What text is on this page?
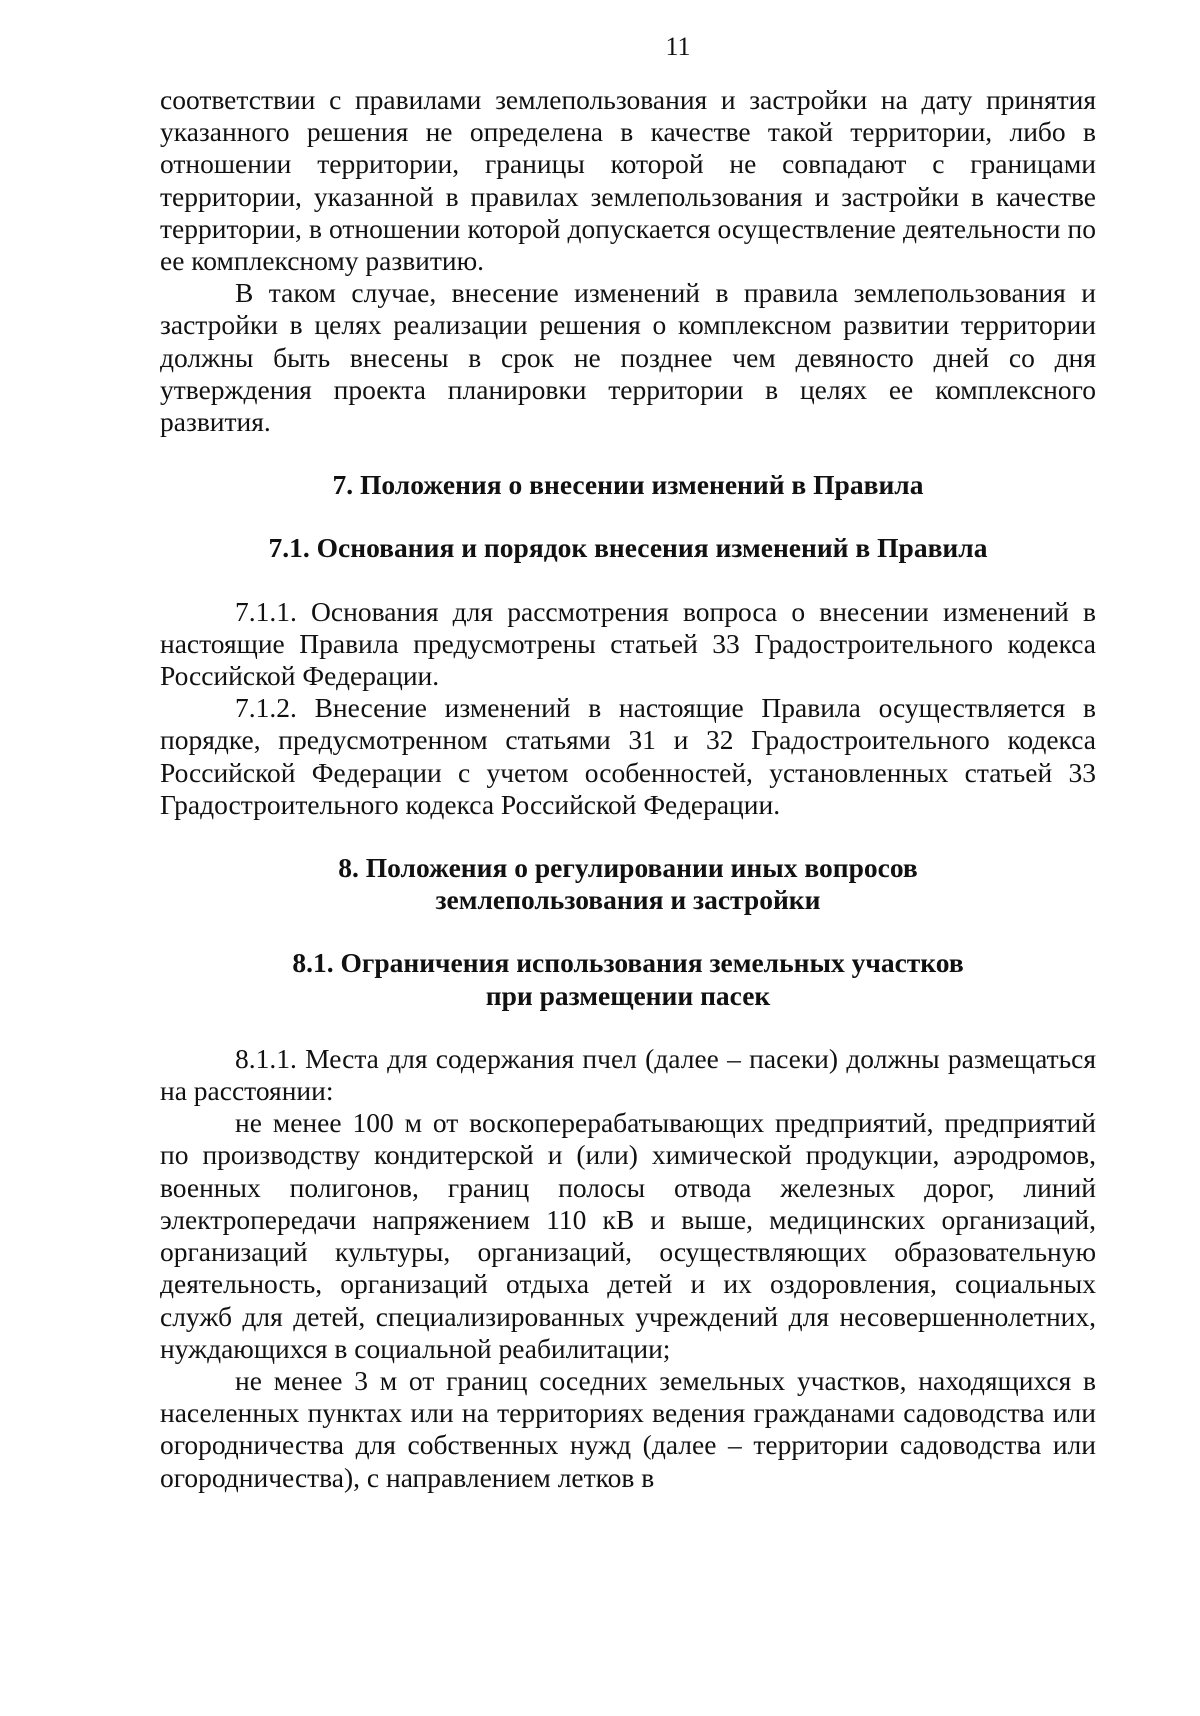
11

соответствии с правилами землепользования и застройки на дату принятия указанного решения не определена в качестве такой территории, либо в отношении территории, границы которой не совпадают с границами территории, указанной в правилах землепользования и застройки в качестве территории, в отношении которой допускается осуществление деятельности по ее комплексному развитию.

В таком случае, внесение изменений в правила землепользования и застройки в целях реализации решения о комплексном развитии территории должны быть внесены в срок не позднее чем девяносто дней со дня утверждения проекта планировки территории в целях ее комплексного развития.

7. Положения о внесении изменений в Правила
7.1. Основания и порядок внесения изменений в Правила

7.1.1. Основания для рассмотрения вопроса о внесении изменений в настоящие Правила предусмотрены статьей 33 Градостроительного кодекса Российской Федерации.

7.1.2. Внесение изменений в настоящие Правила осуществляется в порядке, предусмотренном статьями 31 и 32 Градостроительного кодекса Российской Федерации с учетом особенностей, установленных статьей 33 Градостроительного кодекса Российской Федерации.

8. Положения о регулировании иных вопросов
землепользования и застройки
8.1. Ограничения использования земельных участков
при размещении пасек

8.1.1. Места для содержания пчел (далее – пасеки) должны размещаться на расстоянии:

не менее 100 м от воскоперерабатывающих предприятий, предприятий по производству кондитерской и (или) химической продукции, аэродромов, военных полигонов, границ полосы отвода железных дорог, линий электропередачи напряжением 110 кВ и выше, медицинских организаций, организаций культуры, организаций, осуществляющих образовательную деятельность, организаций отдыха детей и их оздоровления, социальных служб для детей, специализированных учреждений для несовершеннолетних, нуждающихся в социальной реабилитации;

не менее 3 м от границ соседних земельных участков, находящихся в населенных пунктах или на территориях ведения гражданами садоводства или огородничества для собственных нужд (далее – территории садоводства или огородничества), с направлением летков в
